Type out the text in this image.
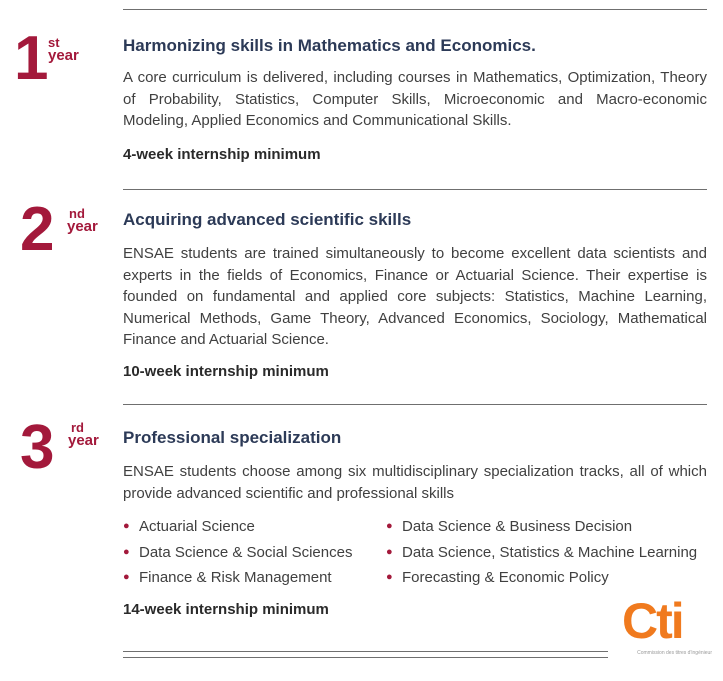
1 st
year
Harmonizing skills in Mathematics and Economics.

A core curriculum is delivered, including courses in Mathematics, Optimization, Theory of Probability, Statistics, Computer Skills, Microeconomic and Macro-economic Modeling, Applied Economics and Communicational Skills.

4-week internship minimum

2 nd
year Acquiring advanced scientific skills

ENSAE students are trained simultaneously to become excellent data scientists and experts in the fields of Economics, Finance or Actuarial Science. Their expertise is founded on fundamental and applied core subjects: Statistics, Machine Learning, Numerical Methods, Game Theory, Advanced Economics, Sociology, Mathematical Finance and Actuarial Science.

10-week internship minimum

3 rd
year Professional specialization

ENSAE students choose among six multidisciplinary specialization tracks, all of which provide advanced scientific and professional skills

● Actuarial Science	● Data Science & Business Decision
● Data Science & Social Sciences	● Data Science, Statistics & Machine Learning
● Finance & Risk Management	● Forecasting & Economic Policy

14-week internship minimum	Cti
Commission des titres d'ingénieur
